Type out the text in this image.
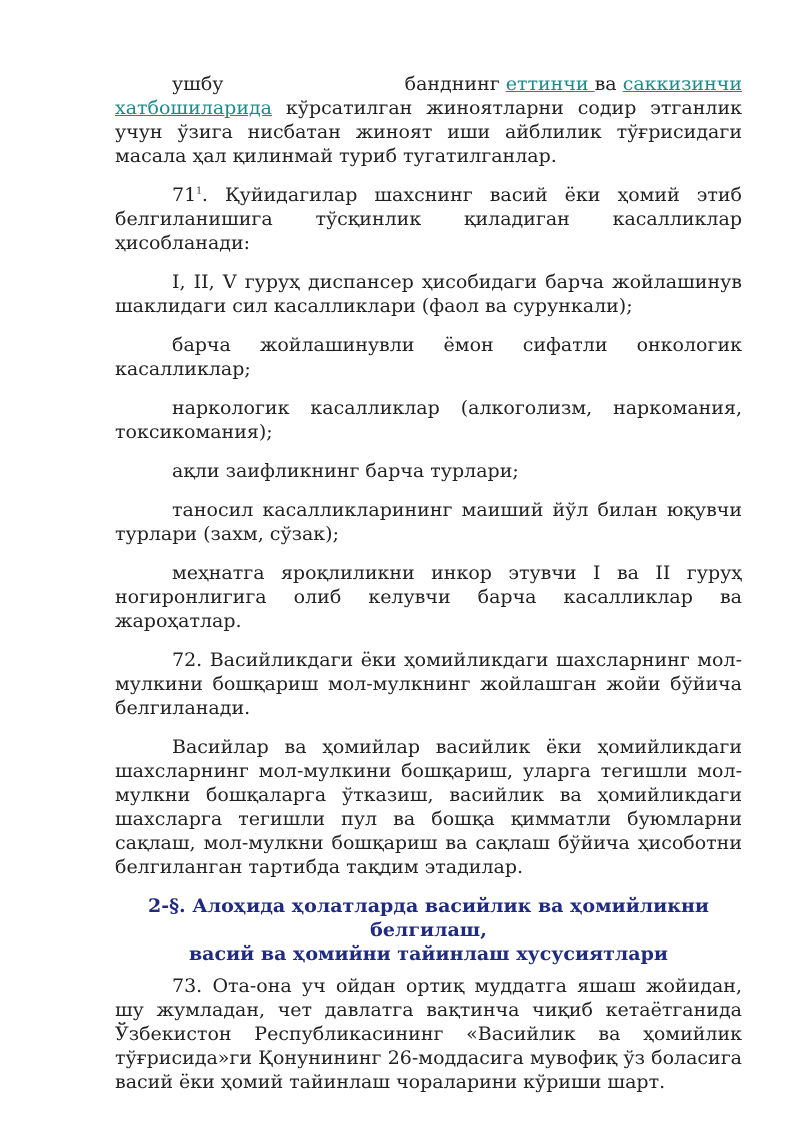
ушбу	банднинг еттинчи ва саккизинчи
хатбошиларида кўрсатилган жиноятларни содир этганлик учун ўзига нисбатан жиноят иши айблилик тўғрисидаги масала ҳал қилинмай туриб тугатилганлар.

$71^1$. Қуйидагилар шахснинг васий ёки ҳомий этиб белгиланишига тўсқинлик қиладиган касалликлар ҳисобланади:

I, II, V гуруҳ диспансер ҳисобидаги барча жойлашинув шаклидаги сил касалликлари (фаол ва сурункали);

барча жойлашинувли ёмон сифатли онкологик касалликлар;

наркологик касалликлар (алкоголизм, наркомания, токсикомания);

ақли заифликнинг барча турлари;

таносил касалликларининг маиший йўл билан юқувчи турлари (захм, сўзак);

меҳнатга яроқлиликни инкор этувчи I ва II гуруҳ ногиронлигига олиб келувчи барча касалликлар ва жароҳатлар.

72. Васийликдаги ёки ҳомийликдаги шахсларнинг мол-мулкини бошқариш мол-мулкнинг жойлашган жойи бўйича белгиланади.

Васийлар ва ҳомийлар васийлик ёки ҳомийликдаги шахсларнинг мол-мулкини бошқариш, уларга тегишли мол-мулкни бошқаларга ўтказиш, васийлик ва ҳомийликдаги шахсларга тегишли пул ва бошқа қимматли буюмларни сақлаш, мол-мулкни бошқариш ва сақлаш бўйича ҳисоботни белгиланган тартибда тақдим этадилар.

2-§. Алоҳида ҳолатларда васийлик ва ҳомийликни белгилаш,
васий ва ҳомийни тайинлаш хусусиятлари

73. Ота-она уч ойдан ортиқ муддатга яшаш жойидан, шу жумладан, чет давлатга вақтинча чиқиб кетаётганида Ўзбекистон Республикасининг «Васийлик ва ҳомийлик тўғрисида»ги Қонунининг 26-моддасига мувофиқ ўз боласига васий ёки ҳомий тайинлаш чораларини кўриши шарт.
